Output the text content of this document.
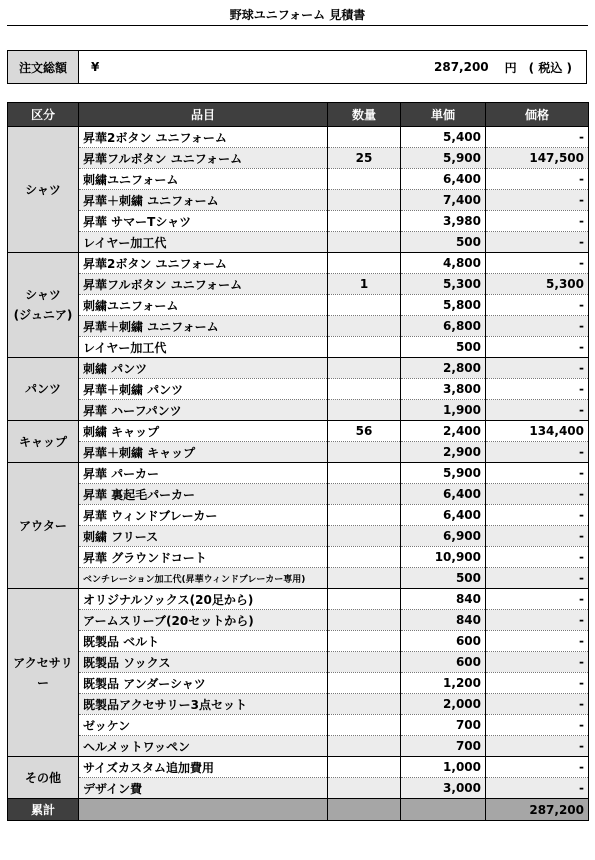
野球ユニフォーム 見積書
注文総額	¥	287,200 円 ( 税込 )
区分	品目	数量	単価	価格
シャツ	昇華2ボタン ユニフォーム		5,400	-
	昇華フルボタン ユニフォーム	25	5,900	147,500
	刺繍ユニフォーム		6,400	-
	昇華＋刺繍 ユニフォーム		7,400	-
	昇華 サマーTシャツ		3,980	-
	レイヤー加工代		500	-
シャツ
(ジュニア)	昇華2ボタン ユニフォーム		4,800	-
	昇華フルボタン ユニフォーム	1	5,300	5,300
	刺繍ユニフォーム		5,800	-
	昇華＋刺繍 ユニフォーム		6,800	-
	レイヤー加工代		500	-
パンツ	刺繍 パンツ		2,800	-
	昇華＋刺繍 パンツ		3,800	-
	昇華 ハーフパンツ		1,900	-
キャップ	刺繍 キャップ	56	2,400	134,400
	昇華＋刺繍 キャップ		2,900	-
アウター	昇華 パーカー		5,900	-
	昇華 裏起毛パーカー		6,400	-
	昇華 ウィンドブレーカー		6,400	-
	刺繍 フリース		6,900	-
	昇華 グラウンドコート		10,900	-
	ベンチレーション加工代(昇華ウィンドブレーカー専用)		500	-
アクセサリー	オリジナルソックス(20足から)		840	-
	アームスリーブ(20セットから)		840	-
	既製品 ベルト		600	-
	既製品 ソックス		600	-
	既製品 アンダーシャツ		1,200	-
	既製品アクセサリー3点セット		2,000	-
	ゼッケン		700	-
	ヘルメットワッペン		700	-
その他	サイズカスタム追加費用		1,000	-
	デザイン費		3,000	-
累計				287,200
